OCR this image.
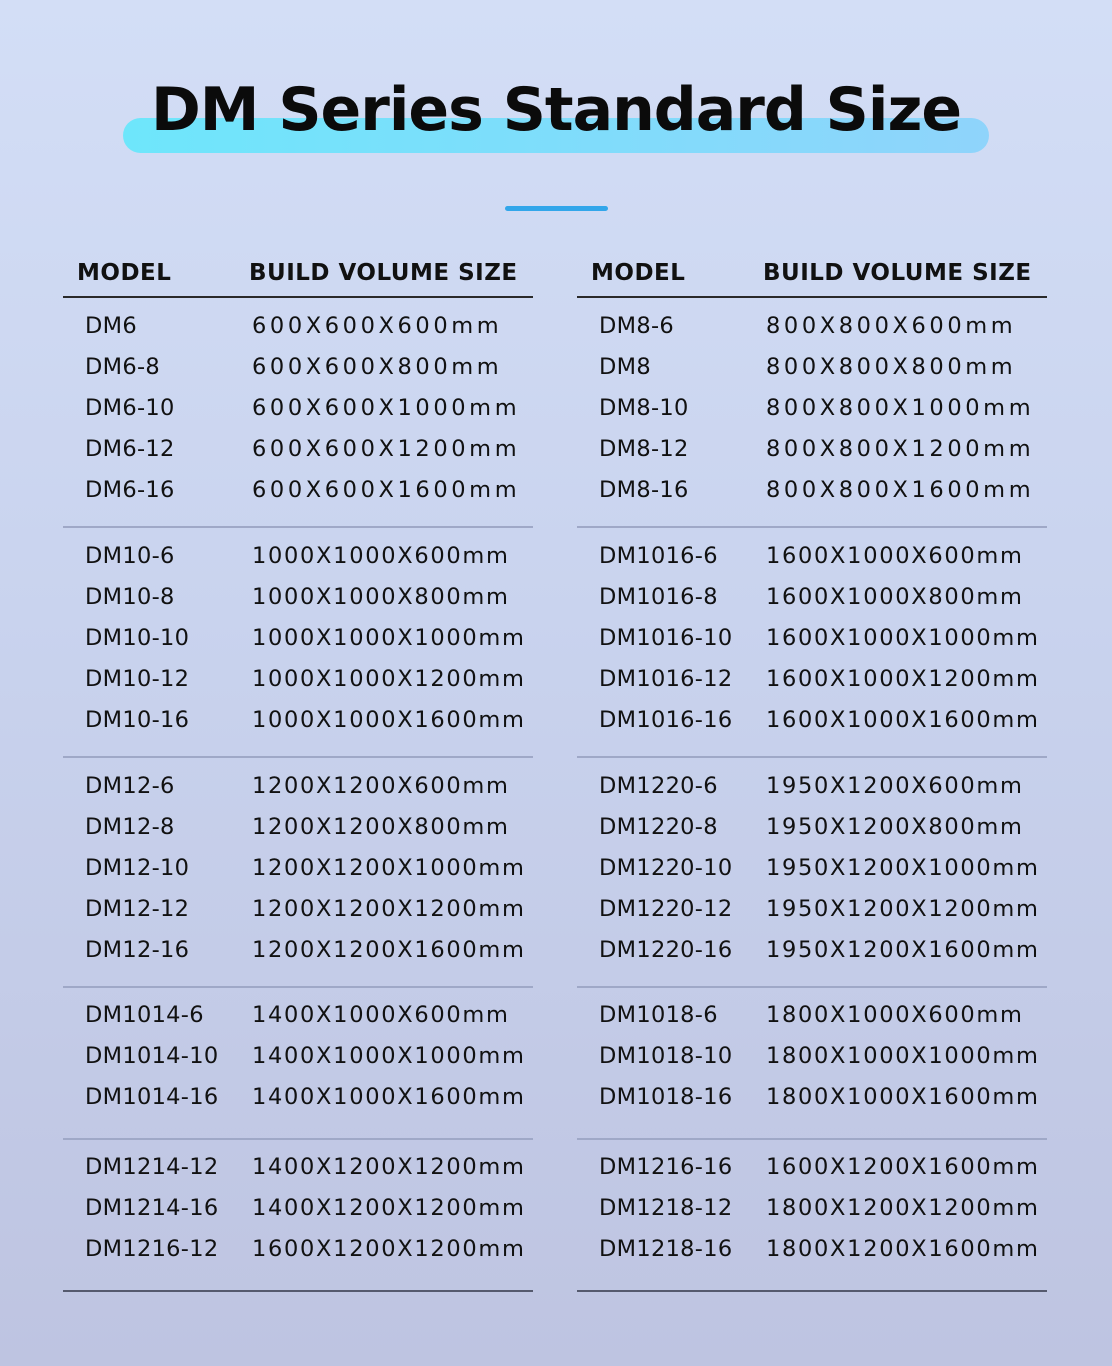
DM Series Standard Size
MODEL	BUILD VOLUME SIZE
DM6	600X600X600mm
DM6-8	600X600X800mm
DM6-10	600X600X1000mm
DM6-12	600X600X1200mm
DM6-16	600X600X1600mm
DM10-6	1000X1000X600mm
DM10-8	1000X1000X800mm
DM10-10	1000X1000X1000mm
DM10-12	1000X1000X1200mm
DM10-16	1000X1000X1600mm
DM12-6	1200X1200X600mm
DM12-8	1200X1200X800mm
DM12-10	1200X1200X1000mm
DM12-12	1200X1200X1200mm
DM12-16	1200X1200X1600mm
DM1014-6 1400X1000X600mm
DM1014-10 1400X1000X1000mm
DM1014-16 1400X1000X1600mm
DM1214-12 1400X1200X1200mm
DM1214-16 1400X1200X1200mm
DM1216-12 1600X1200X1200mm
MODEL	BUILD VOLUME SIZE
DM8-6	800X800X600mm
DM8	800X800X800mm
DM8-10	800X800X1000mm
DM8-12	800X800X1200mm
DM8-16	800X800X1600mm
DM1016-6 1600X1000X600mm
DM1016-8 1600X1000X800mm
DM1016-10 1600X1000X1000mm
DM1016-12 1600X1000X1200mm
DM1016-16 1600X1000X1600mm
DM1220-6 1950X1200X600mm
DM1220-8 1950X1200X800mm
DM1220-10 1950X1200X1000mm
DM1220-12 1950X1200X1200mm
DM1220-16 1950X1200X1600mm
DM1018-6 1800X1000X600mm
DM1018-10 1800X1000X1000mm
DM1018-16 1800X1000X1600mm
DM1216-16 1600X1200X1600mm
DM1218-12 1800X1200X1200mm
DM1218-16 1800X1200X1600mm
